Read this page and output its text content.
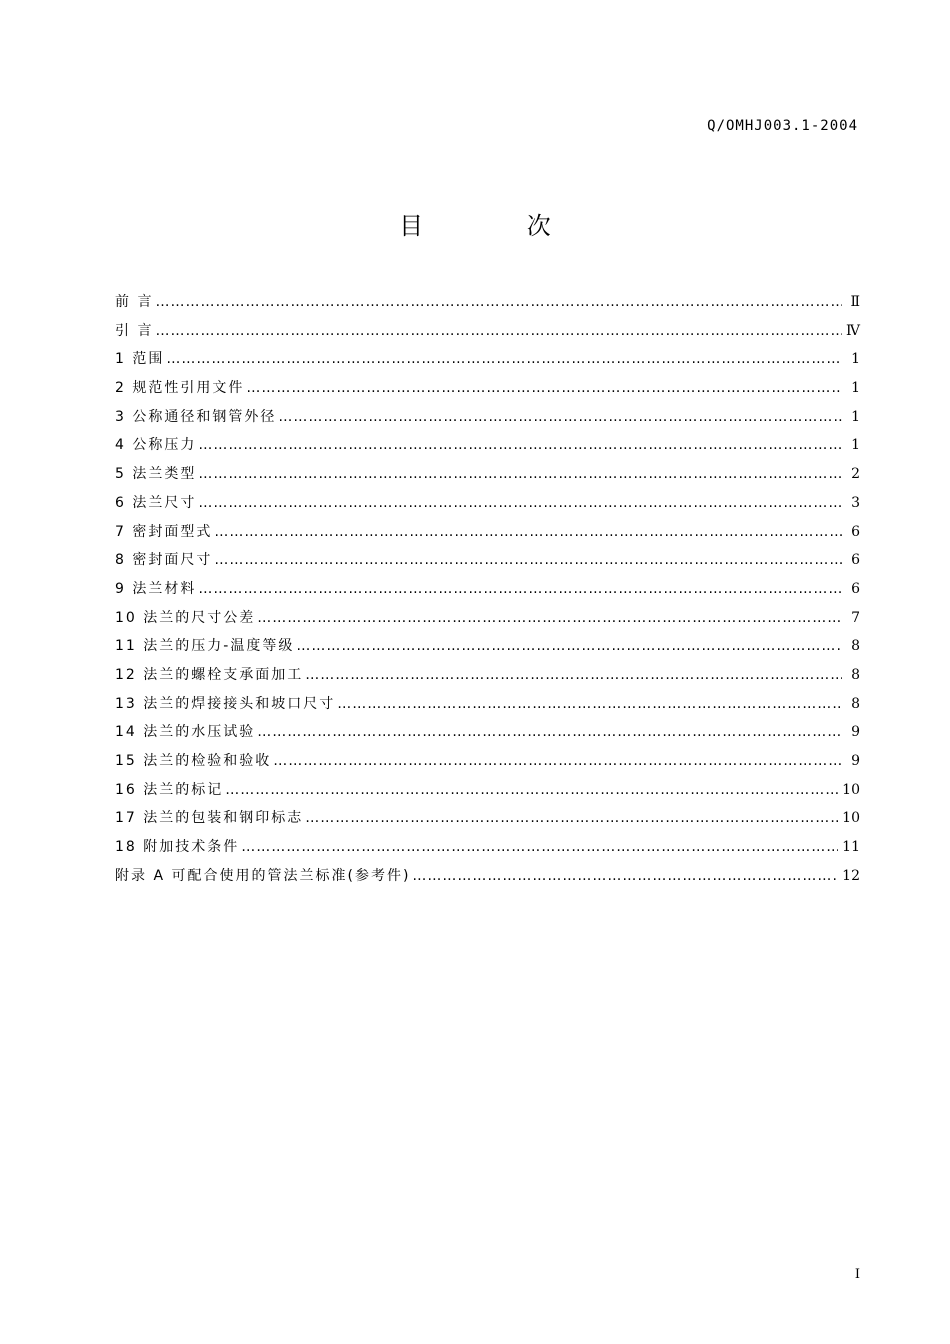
Q/OMHJ003.1-2004
目 次
前 言 …………………………………………………………………………………………………………………………………………………………………………………………………………	Ⅱ
引 言 …………………………………………………………………………………………………………………………………………………………………………………………………………	Ⅳ
1 范围 …………………………………………………………………………………………………………………………………………………………………………………………………………	1
2 规范性引用文件 …………………………………………………………………………………………………………………………………………………………………………………………………………	1
3 公称通径和钢管外径 …………………………………………………………………………………………………………………………………………………………………………………………………………	1
4 公称压力 …………………………………………………………………………………………………………………………………………………………………………………………………………	1
5 法兰类型 …………………………………………………………………………………………………………………………………………………………………………………………………………	2
6 法兰尺寸 …………………………………………………………………………………………………………………………………………………………………………………………………………	3
7 密封面型式 …………………………………………………………………………………………………………………………………………………………………………………………………………	6
8 密封面尺寸 …………………………………………………………………………………………………………………………………………………………………………………………………………	6
9 法兰材料 …………………………………………………………………………………………………………………………………………………………………………………………………………	6
10 法兰的尺寸公差 …………………………………………………………………………………………………………………………………………………………………………………………………………	7
11 法兰的压力-温度等级 …………………………………………………………………………………………………………………………………………………………………………………………………………	8
12 法兰的螺栓支承面加工 …………………………………………………………………………………………………………………………………………………………………………………………………………	8
13 法兰的焊接接头和坡口尺寸 …………………………………………………………………………………………………………………………………………………………………………………………………………	8
14 法兰的水压试验 …………………………………………………………………………………………………………………………………………………………………………………………………………	9
15 法兰的检验和验收 …………………………………………………………………………………………………………………………………………………………………………………………………………	9
16 法兰的标记 …………………………………………………………………………………………………………………………………………………………………………………………………………	10
17 法兰的包装和钢印标志 …………………………………………………………………………………………………………………………………………………………………………………………………………	10
18 附加技术条件 …………………………………………………………………………………………………………………………………………………………………………………………………………	11
附录 A 可配合使用的管法兰标准(参考件) …………………………………………………………………………………………………………………………………………………………………………………………………………	12
I
